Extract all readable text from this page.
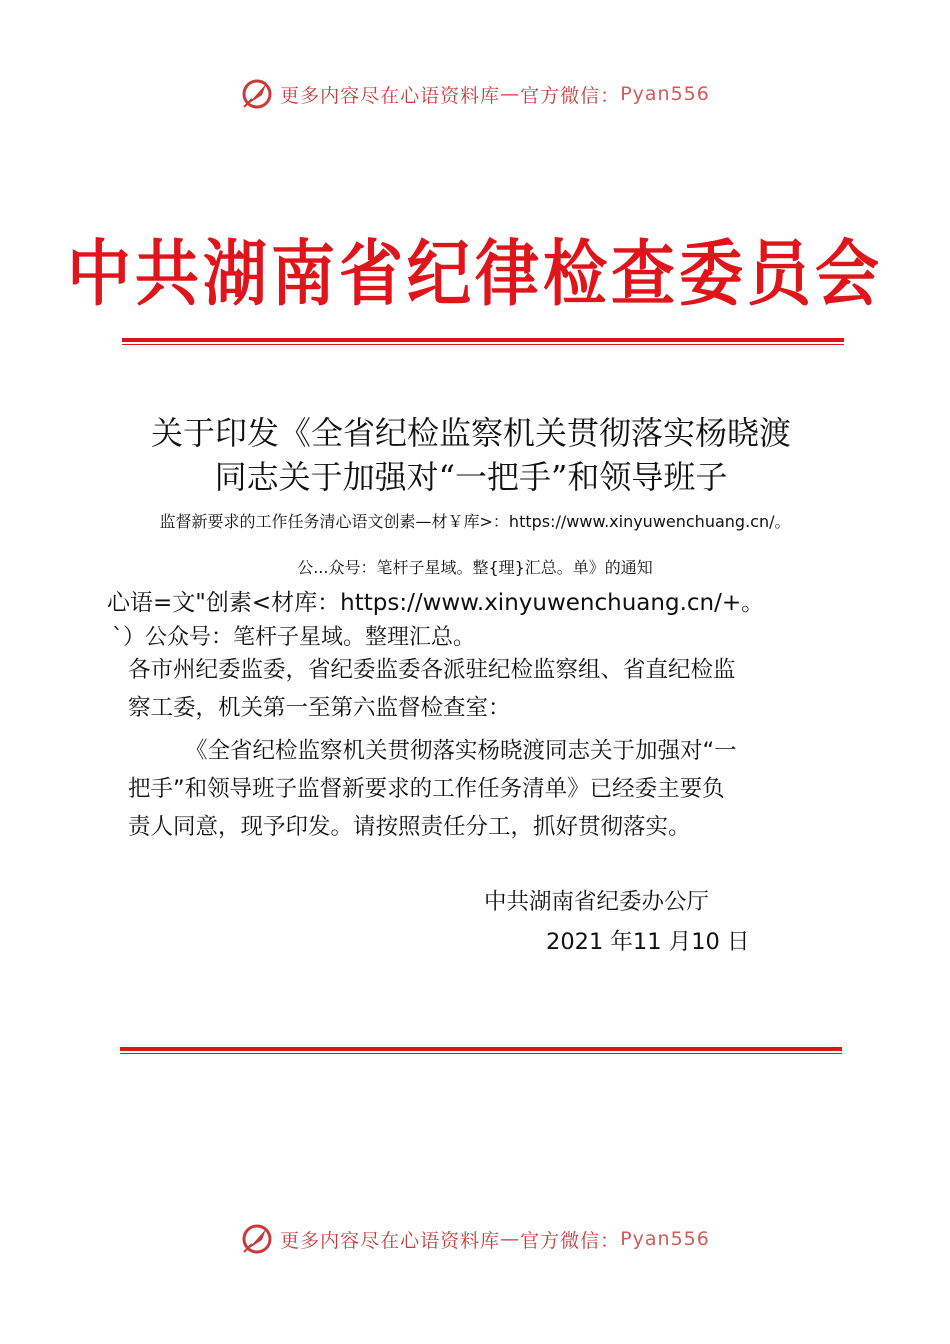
更多内容尽在心语资料库 — 官方微信： Pyan556
中共湖南省纪律检查委员会
关于印发《全省纪检监察机关贯彻落实杨晓渡
同志关于加强对“一把手”和领导班子
监督新要求的工作任务清心语文创素—材￥库>：https://www.xinyuwenchuang.cn/。
公...众号：笔杆子星域。整{理}汇总。单》的通知
心语=文"创素<材库：https://www.xinyuwenchuang.cn/+。
`）公众号：笔杆子星域。整理汇总。
各市州纪委监委，省纪委监委各派驻纪检监察组、省直纪检监
察工委，机关第一至第六监督检查室：
《全省纪检监察机关贯彻落实杨晓渡同志关于加强对“一
把手”和领导班子监督新要求的工作任务清单》已经委主要负
责人同意，现予印发。请按照责任分工，抓好贯彻落实。
中共湖南省纪委办公厅
2021 年11 月10 日
更多内容尽在心语资料库 — 官方微信： Pyan556
